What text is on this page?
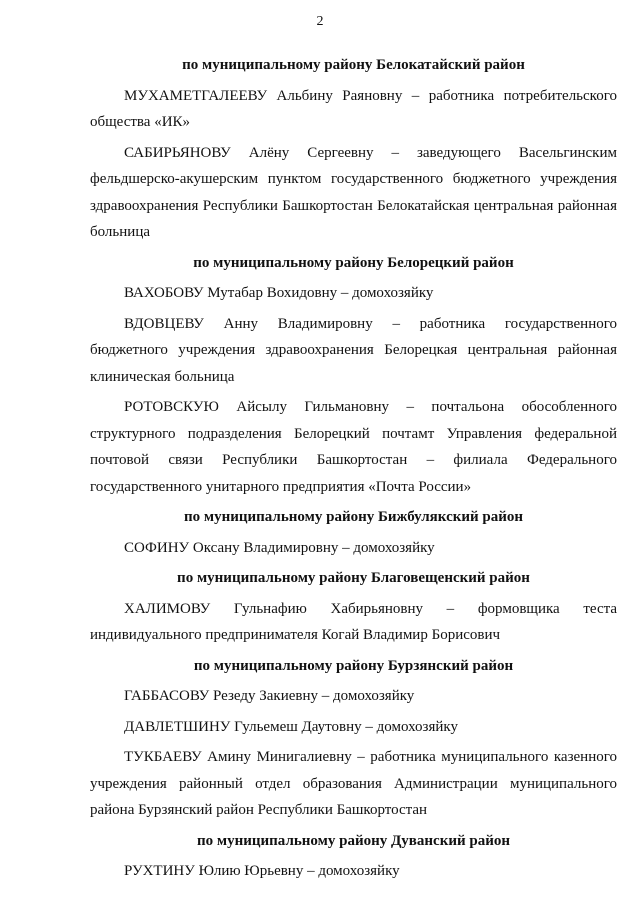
2
по муниципальному району Белокатайский район

МУХАМЕТГАЛЕЕВУ Альбину Раяновну – работника потребительского общества «ИК»

САБИРЬЯНОВУ Алёну Сергеевну – заведующего Васельгинским фельдшерско-акушерским пунктом государственного бюджетного учреждения здравоохранения Республики Башкортостан Белокатайская центральная районная больница

по муниципальному району Белорецкий район

ВАХОБОВУ Мутабар Вохидовну – домохозяйку

ВДОВЦЕВУ Анну Владимировну – работника государственного бюджетного учреждения здравоохранения Белорецкая центральная районная клиническая больница

РОТОВСКУЮ Айсылу Гильмановну – почтальона обособленного структурного подразделения Белорецкий почтамт Управления федеральной почтовой связи Республики Башкортостан – филиала Федерального государственного унитарного предприятия «Почта России»

по муниципальному району Бижбулякский район

СОФИНУ Оксану Владимировну – домохозяйку

по муниципальному району Благовещенский район

ХАЛИМОВУ Гульнафию Хабирьяновну – формовщика теста индивидуального предпринимателя Когай Владимир Борисович

по муниципальному району Бурзянский район

ГАББАСОВУ Резеду Закиевну – домохозяйку

ДАВЛЕТШИНУ Гульемеш Даутовну – домохозяйку

ТУКБАЕВУ Амину Минигалиевну – работника муниципального казенного учреждения районный отдел образования Администрации муниципального района Бурзянский район Республики Башкортостан

по муниципальному району Дуванский район

РУХТИНУ Юлию Юрьевну – домохозяйку
